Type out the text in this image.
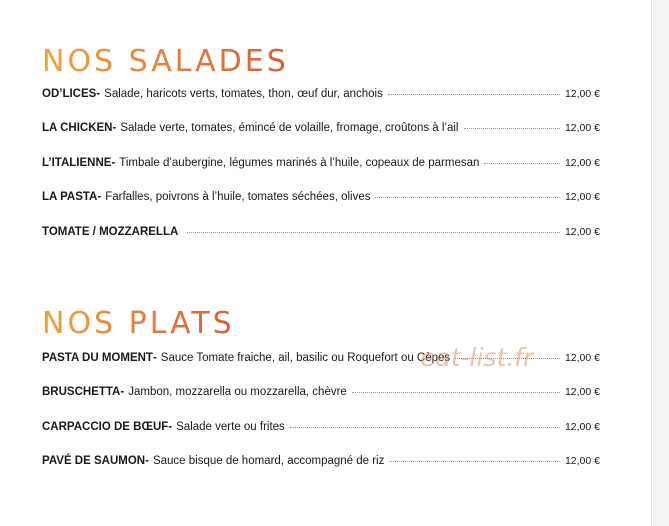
NOS SALADES
OD’LICES - Salade, haricots verts, tomates, thon, œuf dur, anchois	12,00 €
LA CHICKEN - Salade verte, tomates, émincé de volaille, fromage, croûtons à l’ail	12,00 €
L’ITALIENNE - Timbale d’aubergine, légumes marinés à l’huile, copeaux de parmesan	12,00 €
LA PASTA - Farfalles, poivrons à l’huile, tomates séchées, olives	12,00 €
TOMATE / MOZZARELLA	12,00 €
NOS PLATS
PASTA DU MOMENT - Sauce Tomate fraiche, ail, basilic ou Roquefort ou Cèpes	12,00 €
BRUSCHETTA - Jambon, mozzarella ou mozzarella, chèvre	12,00 €
CARPACCIO DE BŒUF - Salade verte ou frites	12,00 €
PAVÉ DE SAUMON - Sauce bisque de homard, accompagné de riz	12,00 €
eat-list.fr
